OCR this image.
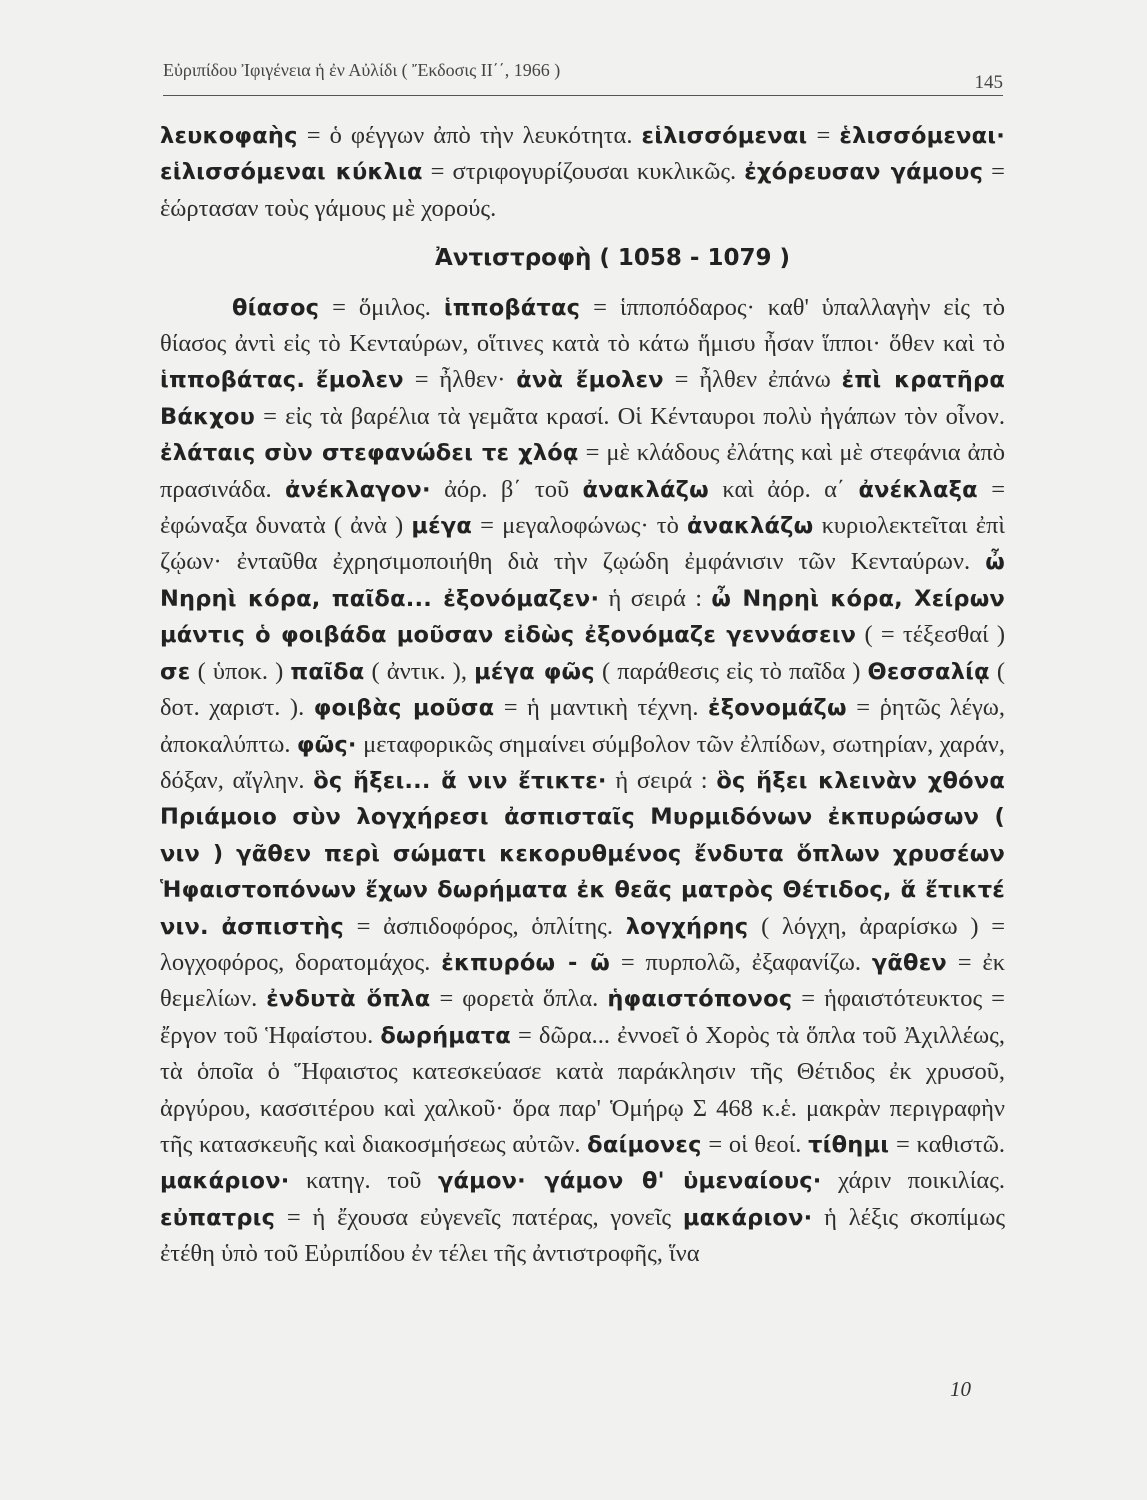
Εὐριπίδου Ἰφιγένεια ἡ ἐν Αὐλίδι ( Ἔκδοσις ΙΙ΄΄, 1966 )
145

λευκοφαὴς = ὁ φέγγων ἀπὸ τὴν λευκότητα. εἱλισσόμεναι = ἑλισσόμεναι· εἱλισσόμεναι κύκλια = στριφογυρίζουσαι κυκλικῶς. ἐχόρευσαν γάμους = ἑώρτασαν τοὺς γάμους μὲ χορούς.

Ἀντιστροφὴ ( 1058 - 1079 )

θίασος = ὅμιλος. ἱπποβάτας = ἱπποπόδαρος· καθ' ὑπαλλαγὴν εἰς τὸ θίασος ἀντὶ εἰς τὸ Κενταύρων, οἵτινες κατὰ τὸ κάτω ἥμισυ ἦσαν ἵπποι· ὅθεν καὶ τὸ ἱπποβάτας. ἔμολεν = ἦλθεν· ἀνὰ ἔμολεν = ἦλθεν ἐπάνω ἐπὶ κρατῆρα Βάκχου = εἰς τὰ βαρέλια τὰ γεμᾶτα κρασί. Οἱ Κένταυροι πολὺ ἠγάπων τὸν οἶνον. ἐλάταις σὺν στεφανώδει τε χλόᾳ = μὲ κλάδους ἐλάτης καὶ μὲ στεφάνια ἀπὸ πρασινάδα. ἀνέκλαγον· ἀόρ. β΄ τοῦ ἀνακλάζω καὶ ἀόρ. α΄ ἀνέκλαξα = ἐφώναξα δυνατὰ ( ἀνὰ ) μέγα = μεγαλοφώνως· τὸ ἀνακλάζω κυριολεκτεῖται ἐπὶ ζῴων· ἐνταῦθα ἐχρησιμοποιήθη διὰ τὴν ζῳώδη ἐμφάνισιν τῶν Κενταύρων. ὦ Νηρηὶ κόρα, παῖδα... ἐξονόμαζεν· ἡ σειρά : ὦ Νηρηὶ κόρα, Χείρων μάντις ὁ φοιβάδα μοῦσαν εἰδὼς ἐξονόμαζε γεννάσειν ( = τέξεσθαί ) σε ( ὑποκ. ) παῖδα ( ἀντικ. ), μέγα φῶς ( παράθεσις εἰς τὸ παῖδα ) Θεσσαλίᾳ ( δοτ. χαριστ. ). φοιβὰς μοῦσα = ἡ μαντικὴ τέχνη. ἐξονομάζω = ῥητῶς λέγω, ἀποκαλύπτω. φῶς· μεταφορικῶς σημαίνει σύμβολον τῶν ἐλπίδων, σωτηρίαν, χαράν, δόξαν, αἴγλην. ὃς ἥξει... ἅ νιν ἔτικτε· ἡ σειρά : ὃς ἥξει κλεινὰν χθόνα Πριάμοιο σὺν λογχήρεσι ἀσπισταῖς Μυρμιδόνων ἐκπυρώσων ( νιν ) γᾶθεν περὶ σώματι κεκορυθμένος ἔνδυτα ὅπλων χρυσέων Ἡφαιστοπόνων ἔχων δωρήματα ἐκ θεᾶς ματρὸς Θέτιδος, ἅ ἔτικτέ νιν. ἀσπιστὴς = ἀσπιδοφόρος, ὁπλίτης. λογχήρης ( λόγχη, ἀραρίσκω ) = λογχοφόρος, δορατομάχος. ἐκπυρόω - ῶ = πυρπολῶ, ἐξαφανίζω. γᾶθεν = ἐκ θεμελίων. ἐνδυτὰ ὅπλα = φορετὰ ὅπλα. ἡφαιστόπονος = ἡφαιστότευκτος = ἔργον τοῦ Ἡφαίστου. δωρήματα = δῶρα... ἐννοεῖ ὁ Χορὸς τὰ ὅπλα τοῦ Ἀχιλλέως, τὰ ὁποῖα ὁ Ἥφαιστος κατεσκεύασε κατὰ παράκλησιν τῆς Θέτιδος ἐκ χρυσοῦ, ἀργύρου, κασσιτέρου καὶ χαλκοῦ· ὅρα παρ' Ὁμήρῳ Σ 468 κ.ἑ. μακρὰν περιγραφὴν τῆς κατασκευῆς καὶ διακοσμήσεως αὐτῶν. δαίμονες = οἱ θεοί. τίθημι = καθιστῶ. μακάριον· κατηγ. τοῦ γάμον· γάμον θ' ὑμεναίους· χάριν ποικιλίας. εὐπατρις = ἡ ἔχουσα εὐγενεῖς πατέρας, γονεῖς μακάριον· ἡ λέξις σκοπίμως ἐτέθη ὑπὸ τοῦ Εὐριπίδου ἐν τέλει τῆς ἀντιστροφῆς, ἵνα

10
